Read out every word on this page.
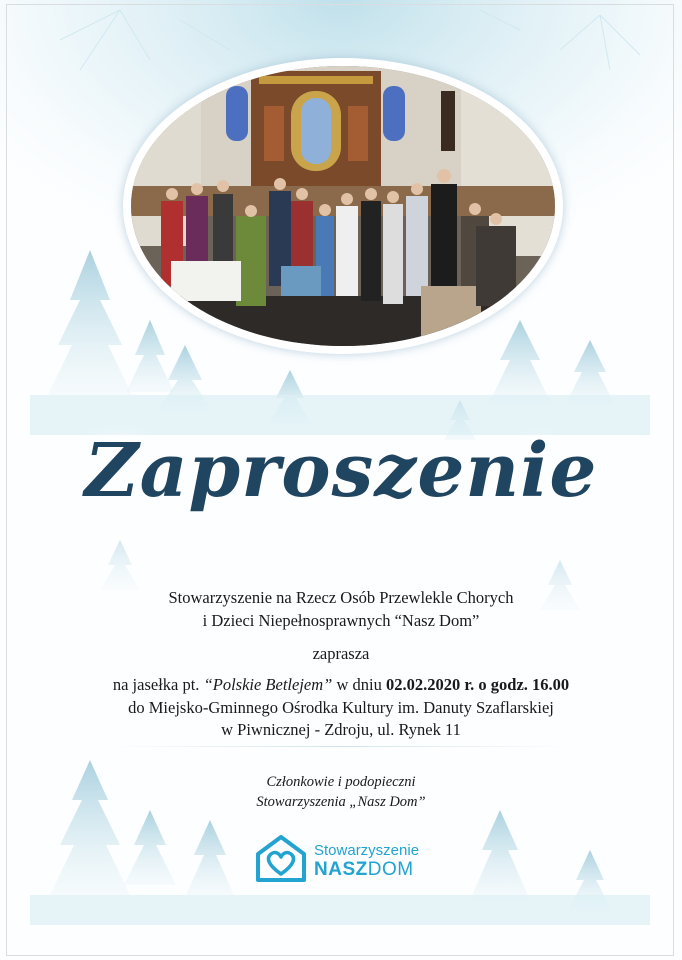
Zaproszenie
Stowarzyszenie na Rzecz Osób Przewlekle Chorych
i Dzieci Niepełnosprawnych “Nasz Dom”
zaprasza
na jasełka pt. “Polskie Betlejem” w dniu 02.02.2020 r. o godz. 16.00
do Miejsko-Gminnego Ośrodka Kultury im. Danuty Szaflarskiej
w Piwnicznej - Zdroju, ul. Rynek 11
Członkowie i podopieczni
Stowarzyszenia „Nasz Dom”
Stowarzyszenie
NASZDOM
